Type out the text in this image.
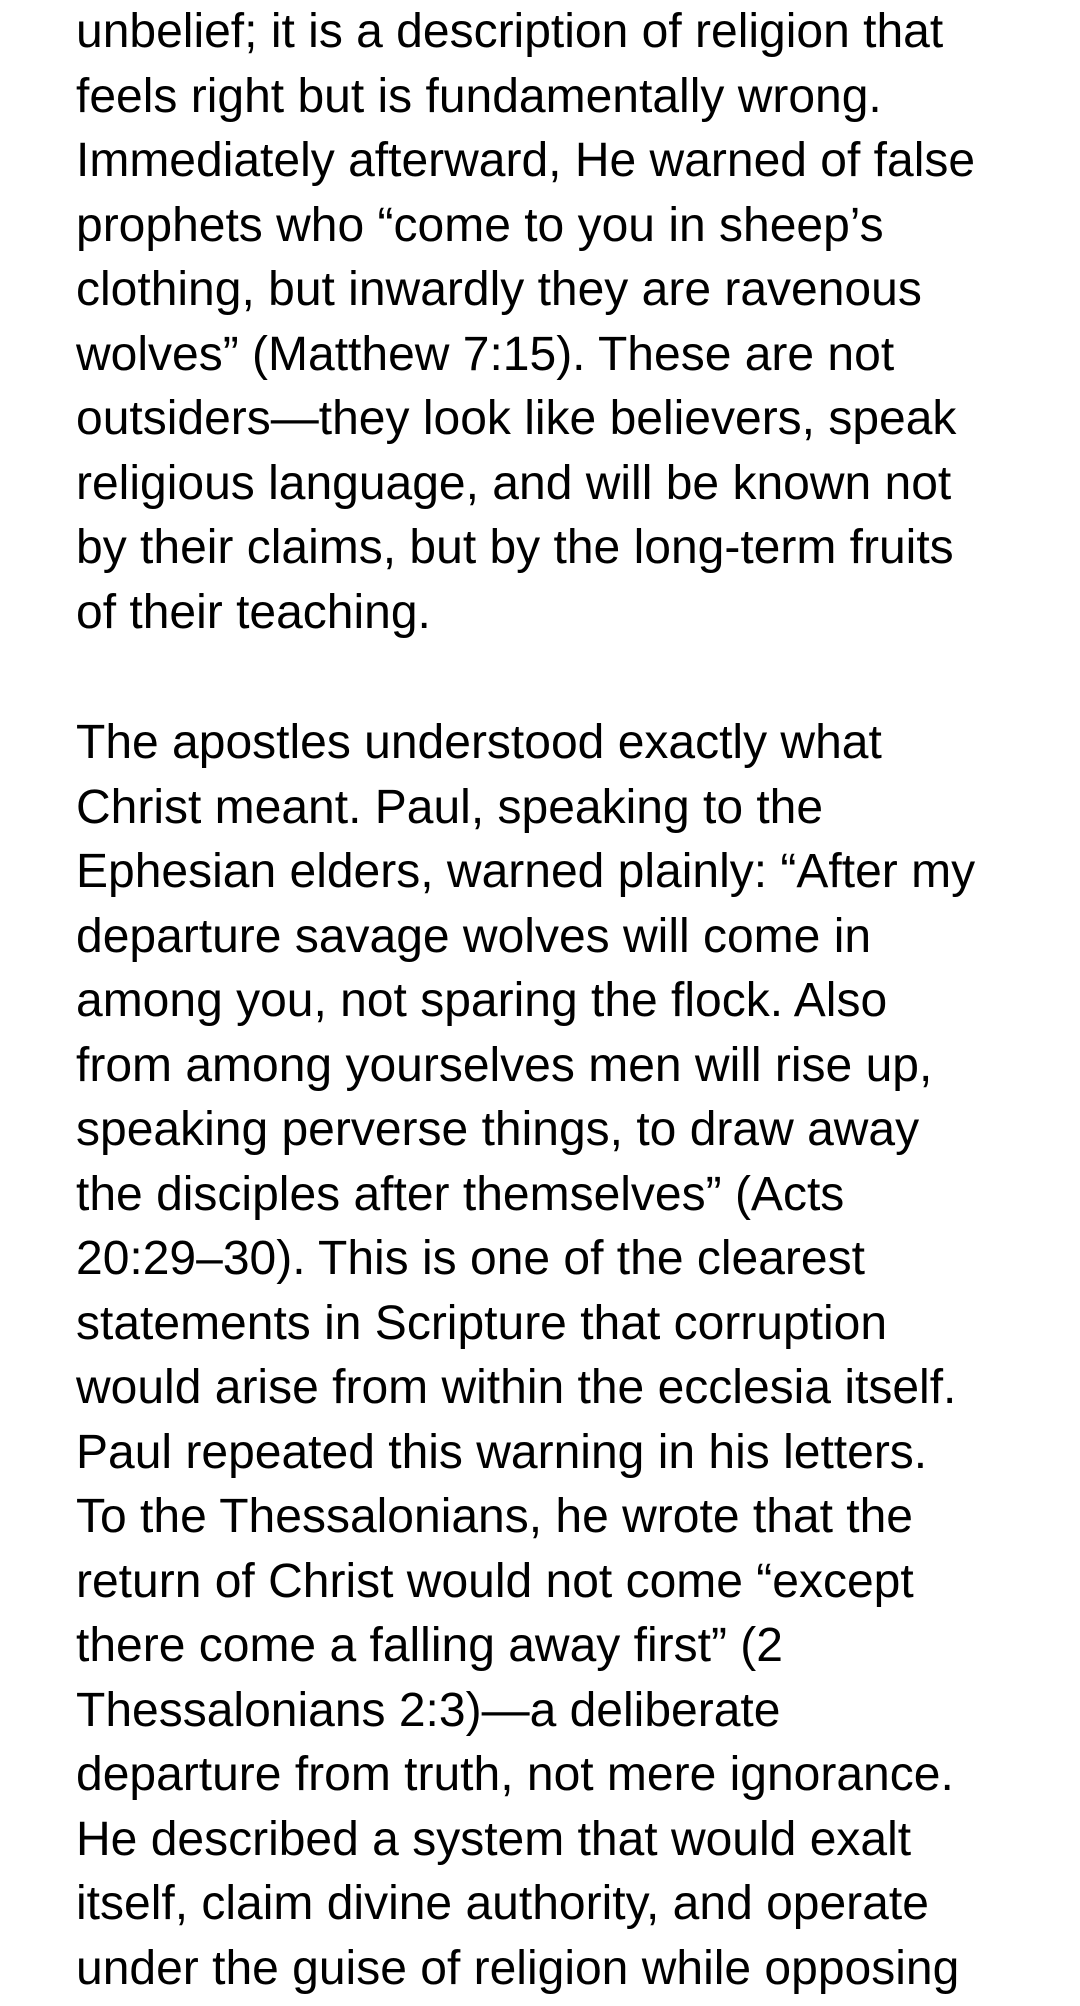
unbelief; it is a description of religion that
feels right but is fundamentally wrong.
Immediately afterward, He warned of false
prophets who “come to you in sheep’s
clothing, but inwardly they are ravenous
wolves” (Matthew 7:15). These are not
outsiders—they look like believers, speak
religious language, and will be known not
by their claims, but by the long-term fruits
of their teaching.
The apostles understood exactly what
Christ meant. Paul, speaking to the
Ephesian elders, warned plainly: “After my
departure savage wolves will come in
among you, not sparing the flock. Also
from among yourselves men will rise up,
speaking perverse things, to draw away
the disciples after themselves” (Acts
20:29–30). This is one of the clearest
statements in Scripture that corruption
would arise from within the ecclesia itself.
Paul repeated this warning in his letters.
To the Thessalonians, he wrote that the
return of Christ would not come “except
there come a falling away first” (2
Thessalonians 2:3)—a deliberate
departure from truth, not mere ignorance.
He described a system that would exalt
itself, claim divine authority, and operate
under the guise of religion while opposing
